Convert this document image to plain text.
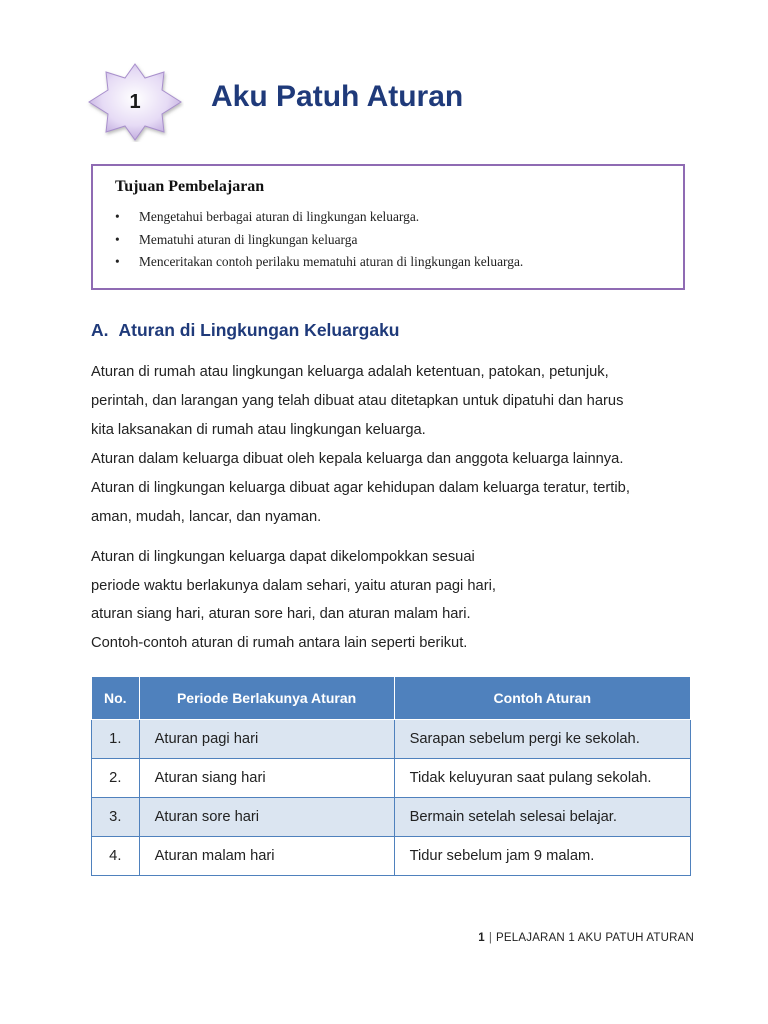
1	Aku Patuh Aturan
Tujuan Pembelajaran
• Mengetahui berbagai aturan di lingkungan keluarga.
• Mematuhi aturan di lingkungan keluarga
• Menceritakan contoh perilaku mematuhi aturan di lingkungan keluarga.
A. Aturan di Lingkungan Keluargaku
Aturan di rumah atau lingkungan keluarga adalah ketentuan, patokan, petunjuk,
perintah, dan larangan yang telah dibuat atau ditetapkan untuk dipatuhi dan harus
kita laksanakan di rumah atau lingkungan keluarga.
Aturan dalam keluarga dibuat oleh kepala keluarga dan anggota keluarga lainnya.
Aturan di lingkungan keluarga dibuat agar kehidupan dalam keluarga teratur, tertib,
aman, mudah, lancar, dan nyaman.
Aturan di lingkungan keluarga dapat dikelompokkan sesuai
periode waktu berlakunya dalam sehari, yaitu aturan pagi hari,
aturan siang hari, aturan sore hari, dan aturan malam hari.
Contoh-contoh aturan di rumah antara lain seperti berikut.
No.	Periode Berlakunya Aturan	Contoh Aturan
1.	Aturan pagi hari	Sarapan sebelum pergi ke sekolah.
2.	Aturan siang hari	Tidak keluyuran saat pulang sekolah.
3.	Aturan sore hari	Bermain setelah selesai belajar.
4.	Aturan malam hari	Tidur sebelum jam 9 malam.
1 | PELAJARAN 1 AKU PATUH ATURAN
